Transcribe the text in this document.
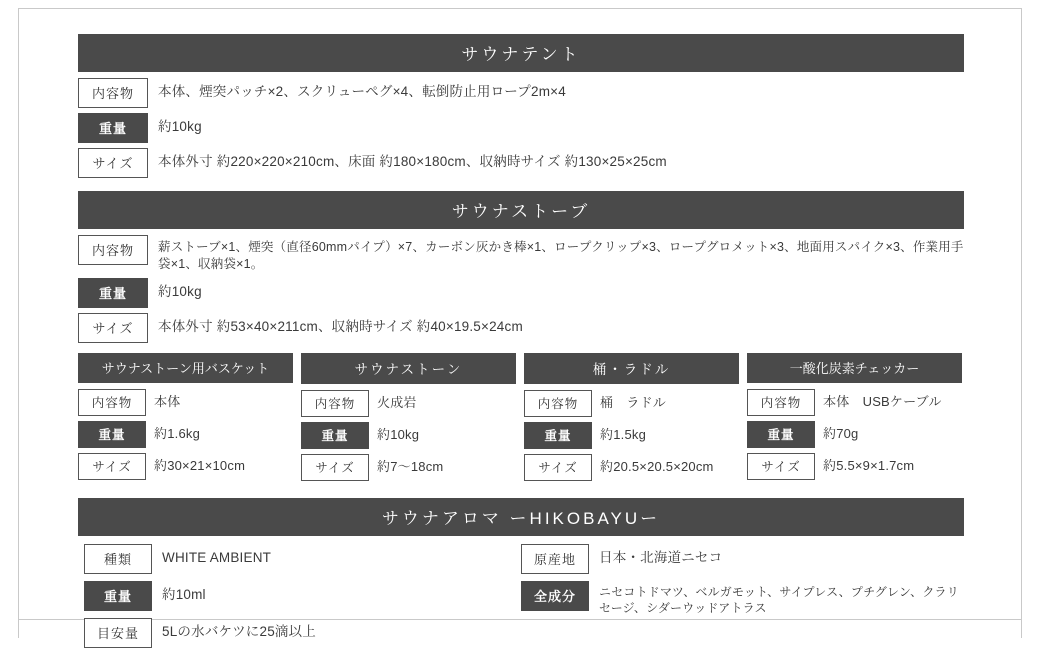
サウナテント
内容物	本体、煙突パッチ×2、スクリューペグ×4、転倒防止用ロープ2m×4
重量	約10kg
サイズ	本体外寸 約220×220×210cm、床面 約180×180cm、収納時サイズ 約130×25×25cm
サウナストーブ
内容物	薪ストーブ×1、煙突（直径60mmパイプ）×7、カーボン灰かき棒×1、ロープクリップ×3、ロープグロメット×3、地面用スパイク×3、作業用手袋×1、収納袋×1。
重量	約10kg
サイズ	本体外寸 約53×40×211cm、収納時サイズ 約40×19.5×24cm
サウナストーン用バスケット
内容物	本体
重量	約1.6kg
サイズ	約30×21×10cm
サウナストーン
内容物	火成岩
重量	約10kg
サイズ	約7〜18cm
桶・ラドル
内容物	桶　ラドル
重量	約1.5kg
サイズ	約20.5×20.5×20cm
一酸化炭素チェッカー
内容物	本体　USBケーブル
重量	約70g
サイズ	約5.5×9×1.7cm
サウナアロマ ーHIKOBAYUー
種類	WHITE AMBIENT
重量	約10ml
目安量	5Lの水バケツに25滴以上
原産地	日本・北海道ニセコ
全成分	ニセコトドマツ、ベルガモット、サイプレス、プチグレン、クラリセージ、シダーウッドアトラス
